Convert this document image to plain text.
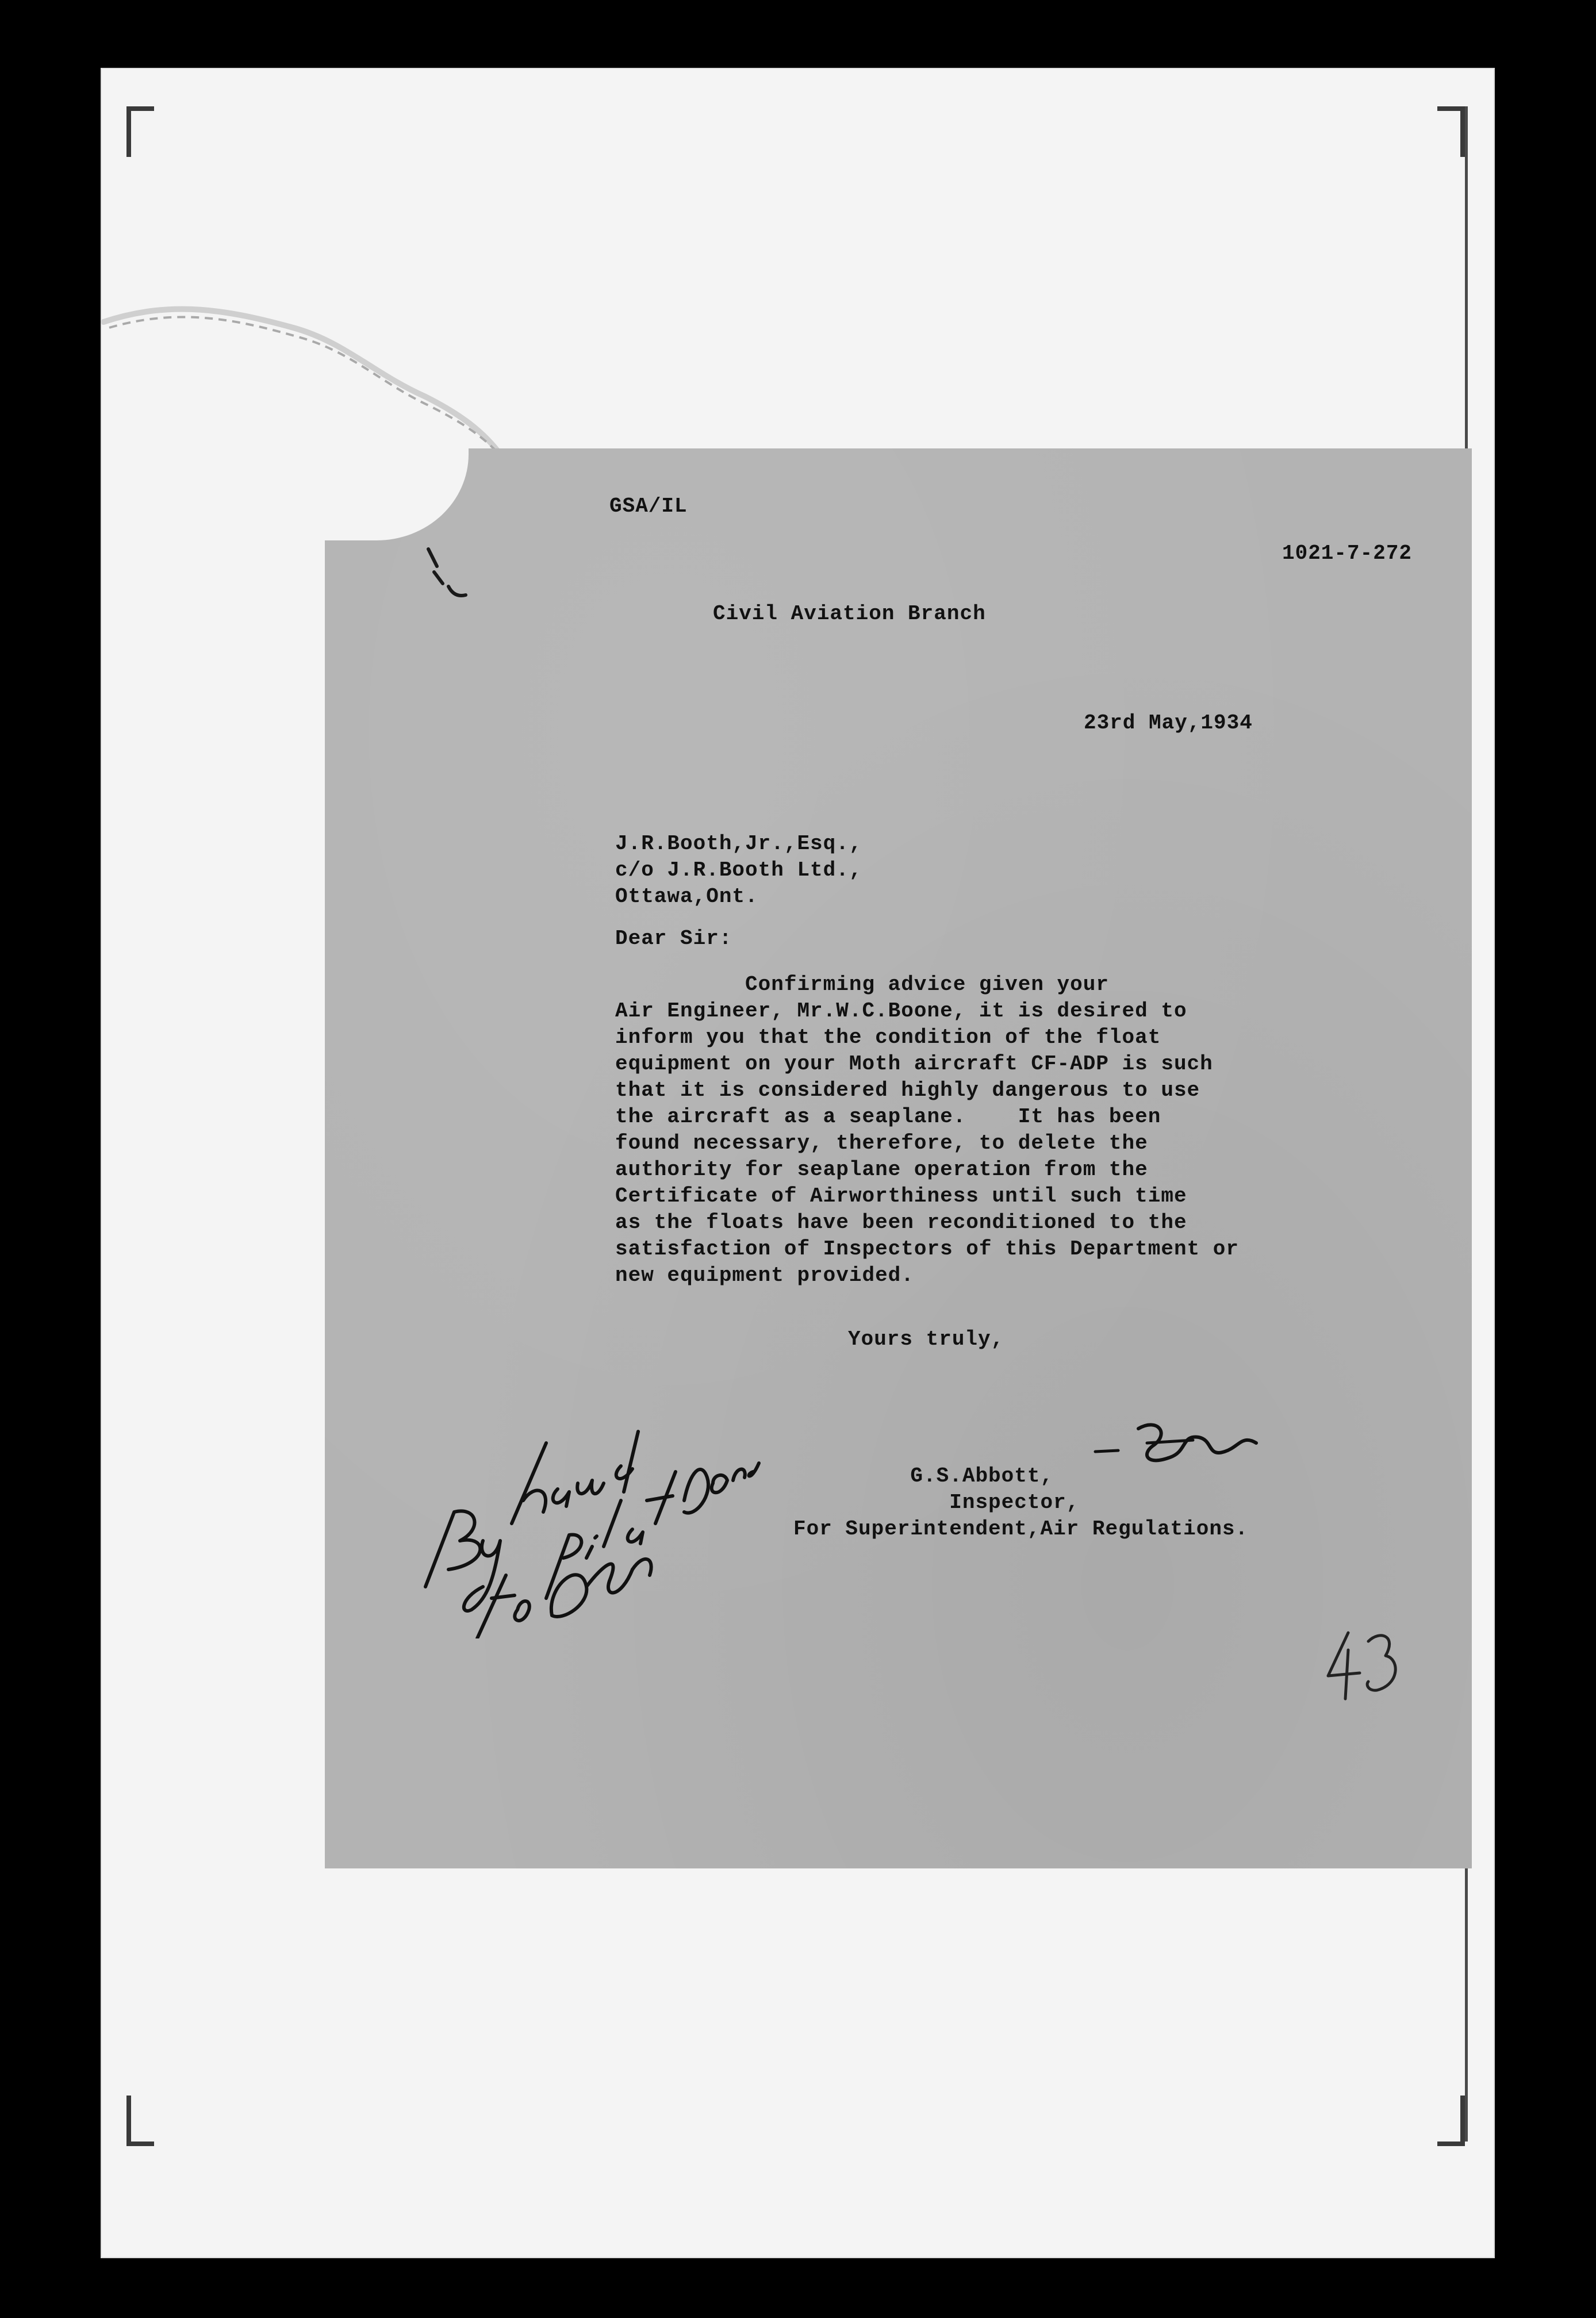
GSA/IL
1021-7-272
Civil Aviation Branch
23rd May,1934
J.R.Booth,Jr.,Esq.,
c/o J.R.Booth Ltd.,
Ottawa,Ont.
Dear Sir:
Confirming advice given your
Air Engineer, Mr.W.C.Boone, it is desired to
inform you that the condition of the float
equipment on your Moth aircraft CF-ADP is such
that it is considered highly dangerous to use
the aircraft as a seaplane.    It has been
found necessary, therefore, to delete the
authority for seaplane operation from the
Certificate of Airworthiness until such time
as the floats have been reconditioned to the
satisfaction of Inspectors of this Department or
new equipment provided.
Yours truly,
G.S.Abbott,
Inspector,
For Superintendent,Air Regulations.
